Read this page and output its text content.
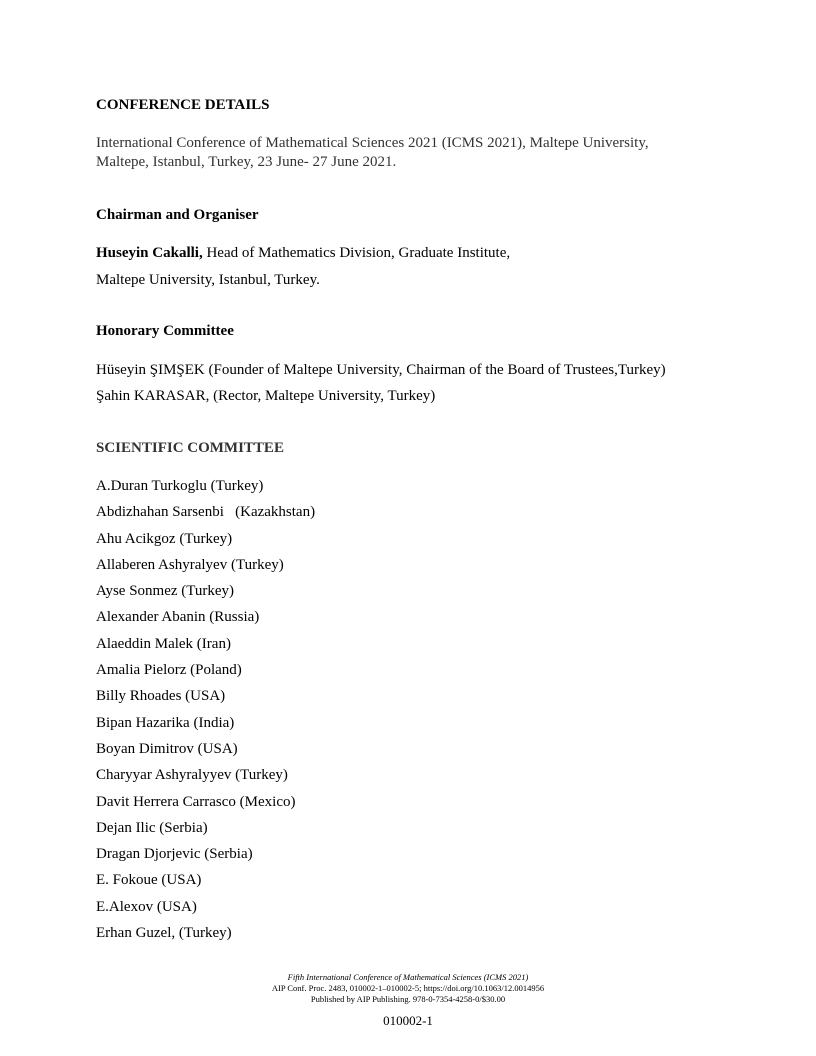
CONFERENCE DETAILS
International Conference of Mathematical Sciences 2021 (ICMS 2021), Maltepe University,
Maltepe, Istanbul, Turkey, 23 June- 27 June 2021.
Chairman and Organiser
Huseyin Cakalli, Head of Mathematics Division, Graduate Institute,
Maltepe University, Istanbul, Turkey.
Honorary Committee
Hüseyin ŞIMŞEK (Founder of Maltepe University, Chairman of the Board of Trustees,Turkey)
Şahin KARASAR, (Rector, Maltepe University, Turkey)
SCIENTIFIC COMMITTEE
A.Duran Turkoglu (Turkey)
Abdizhahan Sarsenbi   (Kazakhstan)
Ahu Acikgoz (Turkey)
Allaberen Ashyralyev (Turkey)
Ayse Sonmez (Turkey)
Alexander Abanin (Russia)
Alaeddin Malek (Iran)
Amalia Pielorz (Poland)
Billy Rhoades (USA)
Bipan Hazarika (India)
Boyan Dimitrov (USA)
Charyyar Ashyralyyev (Turkey)
Davit Herrera Carrasco (Mexico)
Dejan Ilic (Serbia)
Dragan Djorjevic (Serbia)
E. Fokoue (USA)
E.Alexov (USA)
Erhan Guzel, (Turkey)
Fifth International Conference of Mathematical Sciences (ICMS 2021)
AIP Conf. Proc. 2483, 010002-1–010002-5; https://doi.org/10.1063/12.0014956
Published by AIP Publishing. 978-0-7354-4258-0/$30.00
010002-1
